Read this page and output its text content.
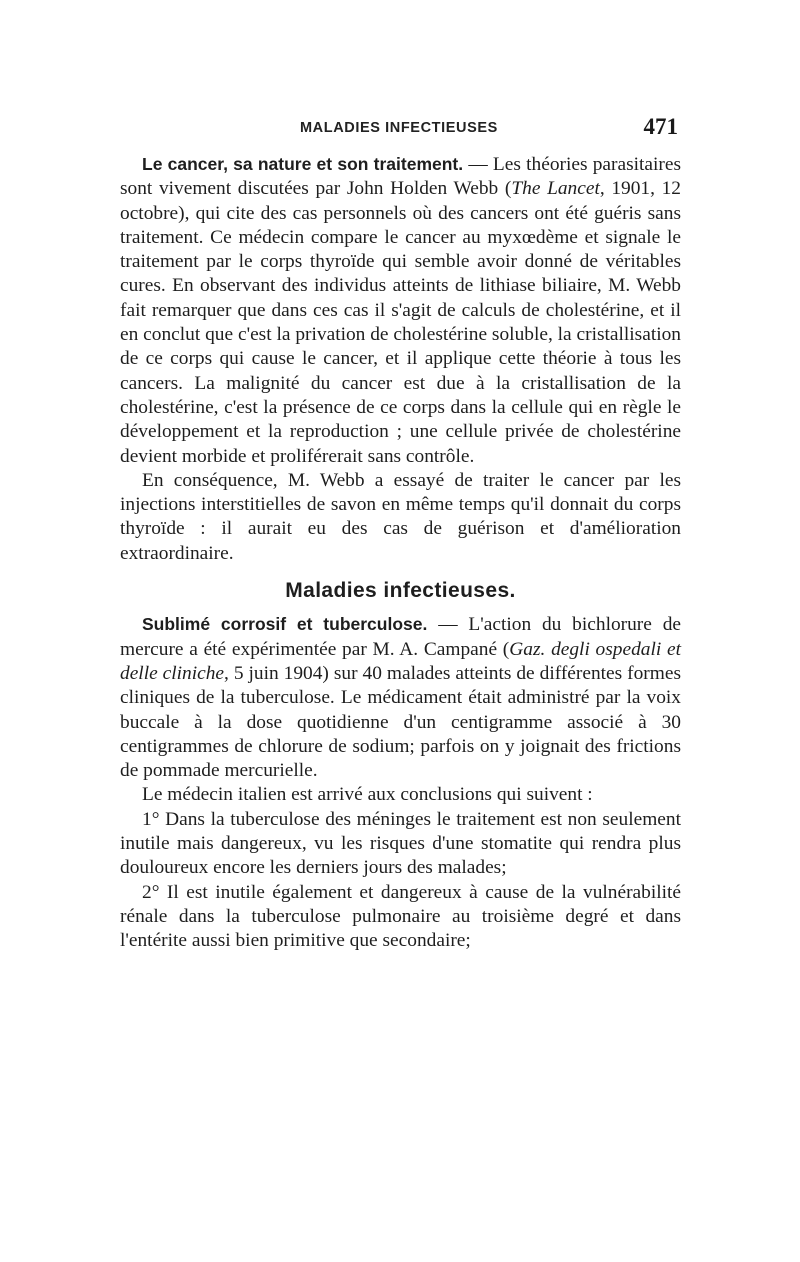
MALADIES INFECTIEUSES	471

Le cancer, sa nature et son traitement. — Les théories parasitaires sont vivement discutées par John Holden Webb (The Lancet, 1901, 12 octobre), qui cite des cas personnels où des cancers ont été guéris sans traitement. Ce médecin compare le cancer au myxœdème et signale le traitement par le corps thyroïde qui semble avoir donné de véritables cures. En observant des individus atteints de lithiase biliaire, M. Webb fait remarquer que dans ces cas il s'agit de calculs de cholestérine, et il en conclut que c'est la privation de cholestérine soluble, la cristallisation de ce corps qui cause le cancer, et il applique cette théorie à tous les cancers. La malignité du cancer est due à la cristallisation de la cholestérine, c'est la présence de ce corps dans la cellule qui en règle le développement et la reproduction ; une cellule privée de cholestérine devient morbide et proliférerait sans contrôle.

En conséquence, M. Webb a essayé de traiter le cancer par les injections interstitielles de savon en même temps qu'il donnait du corps thyroïde : il aurait eu des cas de guérison et d'amélioration extraordinaire.

Maladies infectieuses.

Sublimé corrosif et tuberculose. — L'action du bichlorure de mercure a été expérimentée par M. A. Campané (Gaz. degli ospedali et delle cliniche, 5 juin 1904) sur 40 malades atteints de différentes formes cliniques de la tuberculose. Le médicament était administré par la voix buccale à la dose quotidienne d'un centigramme associé à 30 centigrammes de chlorure de sodium; parfois on y joignait des frictions de pommade mercurielle.

Le médecin italien est arrivé aux conclusions qui suivent :

1° Dans la tuberculose des méninges le traitement est non seulement inutile mais dangereux, vu les risques d'une stomatite qui rendra plus douloureux encore les derniers jours des malades;

2° Il est inutile également et dangereux à cause de la vulnérabilité rénale dans la tuberculose pulmonaire au troisième degré et dans l'entérite aussi bien primitive que secondaire;
